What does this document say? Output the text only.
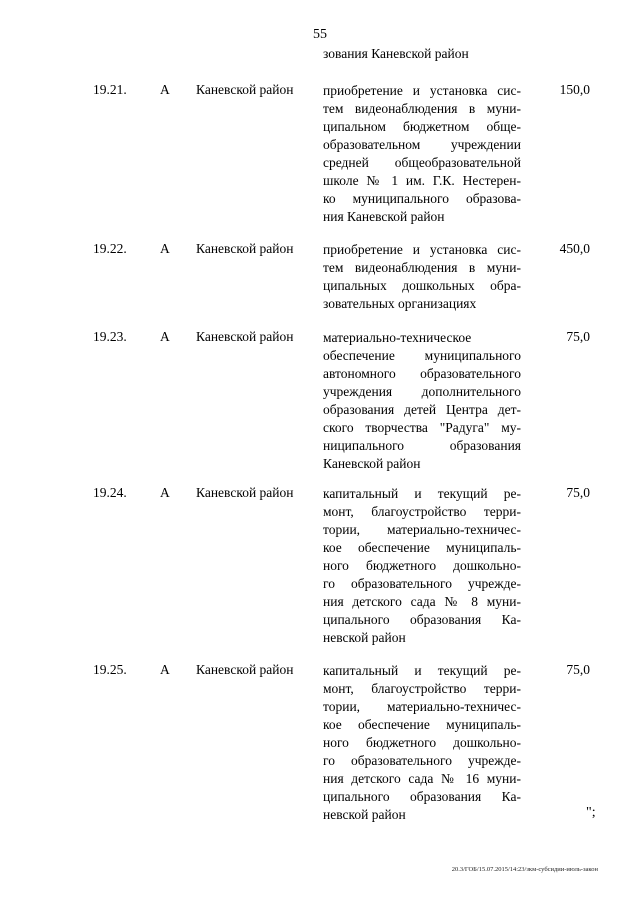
55
зования Каневской район
19.21. А Каневской район приобретение и установка сис-
тем видеонаблюдения в муни-
ципальном бюджетном обще-
образовательном учреждении
средней общеобразовательной
школе № 1 им. Г.К. Нестерен-
ко муниципального образова-
ния Каневской район
150,0
19.22. А Каневской район приобретение и установка сис-
тем видеонаблюдения в муни-
ципальных дошкольных обра-
зовательных организациях
450,0
19.23. А Каневской район материально-техническое
обеспечение муниципального
автономного образовательного
учреждения дополнительного
образования детей Центра дет-
ского творчества "Радуга" му-
ниципального образования
Каневской район
75,0
19.24. А Каневской район капитальный и текущий ре-
монт, благоустройство терри-
тории, материально-техничес-
кое обеспечение муниципаль-
ного бюджетного дошкольно-
го образовательного учрежде-
ния детского сада № 8 муни-
ципального образования Ка-
невской район
75,0
19.25. А Каневской район капитальный и текущий ре-
монт, благоустройство терри-
тории, материально-техничес-
кое обеспечение муниципаль-
ного бюджетного дошкольно-
го образовательного учрежде-
ния детского сада № 16 муни-
ципального образования Ка-
невской район
75,0
";
20.3/ГОБ/15.07.2015/14:23/зкм-субсидии-июль-закон
